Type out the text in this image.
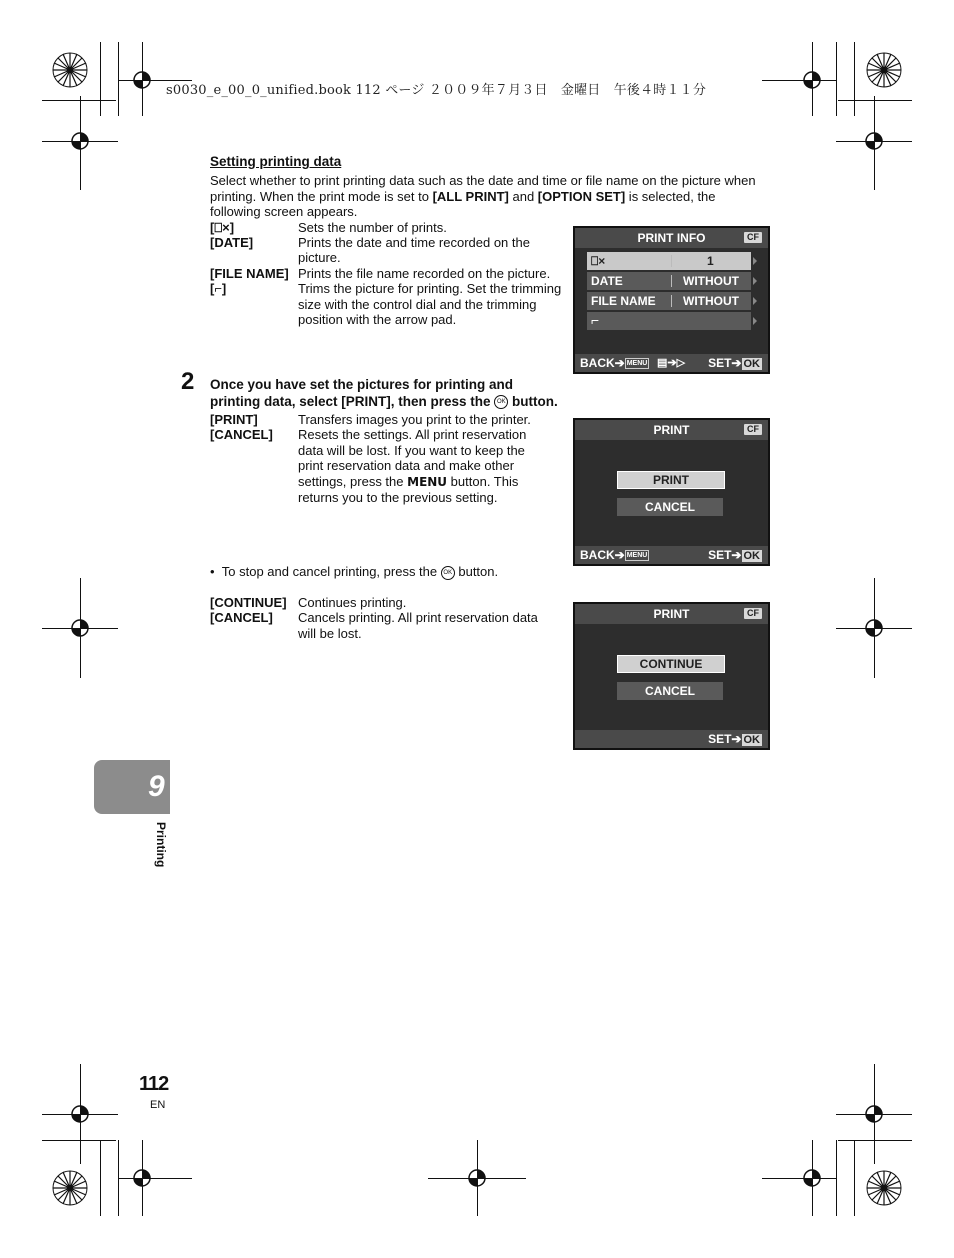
s0030_e_00_0_unified.book 112 ページ ２００９年７月３日　金曜日　午後４時１１分
Setting printing data

Select whether to print printing data such as the date and time or file name on the picture when
printing. When the print mode is set to [ALL PRINT] and [OPTION SET] is selected, the
following screen appears.

[⎕×]	Sets the number of prints.
[DATE]	Prints the date and time recorded on the picture.
[FILE NAME] Prints the file name recorded on the picture.
[⌐]	Trims the picture for printing. Set the trimming size with the control dial and the trimming position with the arrow pad.
PRINT INFO	CF
⎕×	1
DATE	WITHOUT
FILE NAME WITHOUT
⌐
BACK➔ MENU ▤➔▷ SET➔ OK
2 Once you have set the pictures for printing and
printing data, select [PRINT], then press the OK button.
[PRINT]	Transfers images you print to the printer.
[CANCEL]	Resets the settings. All print reservation data will be lost. If you want to keep the print reservation data and make other settings, press the MENU button. This returns you to the previous setting.
PRINT	CF
PRINT
CANCEL
BACK➔ MENU	SET➔ OK
•  To stop and cancel printing, press the OK button.
[CONTINUE] Continues printing.
[CANCEL]	Cancels printing. All print reservation data will be lost.
PRINT	CF
CONTINUE
CANCEL
SET➔ OK
9
Printing
112
EN
